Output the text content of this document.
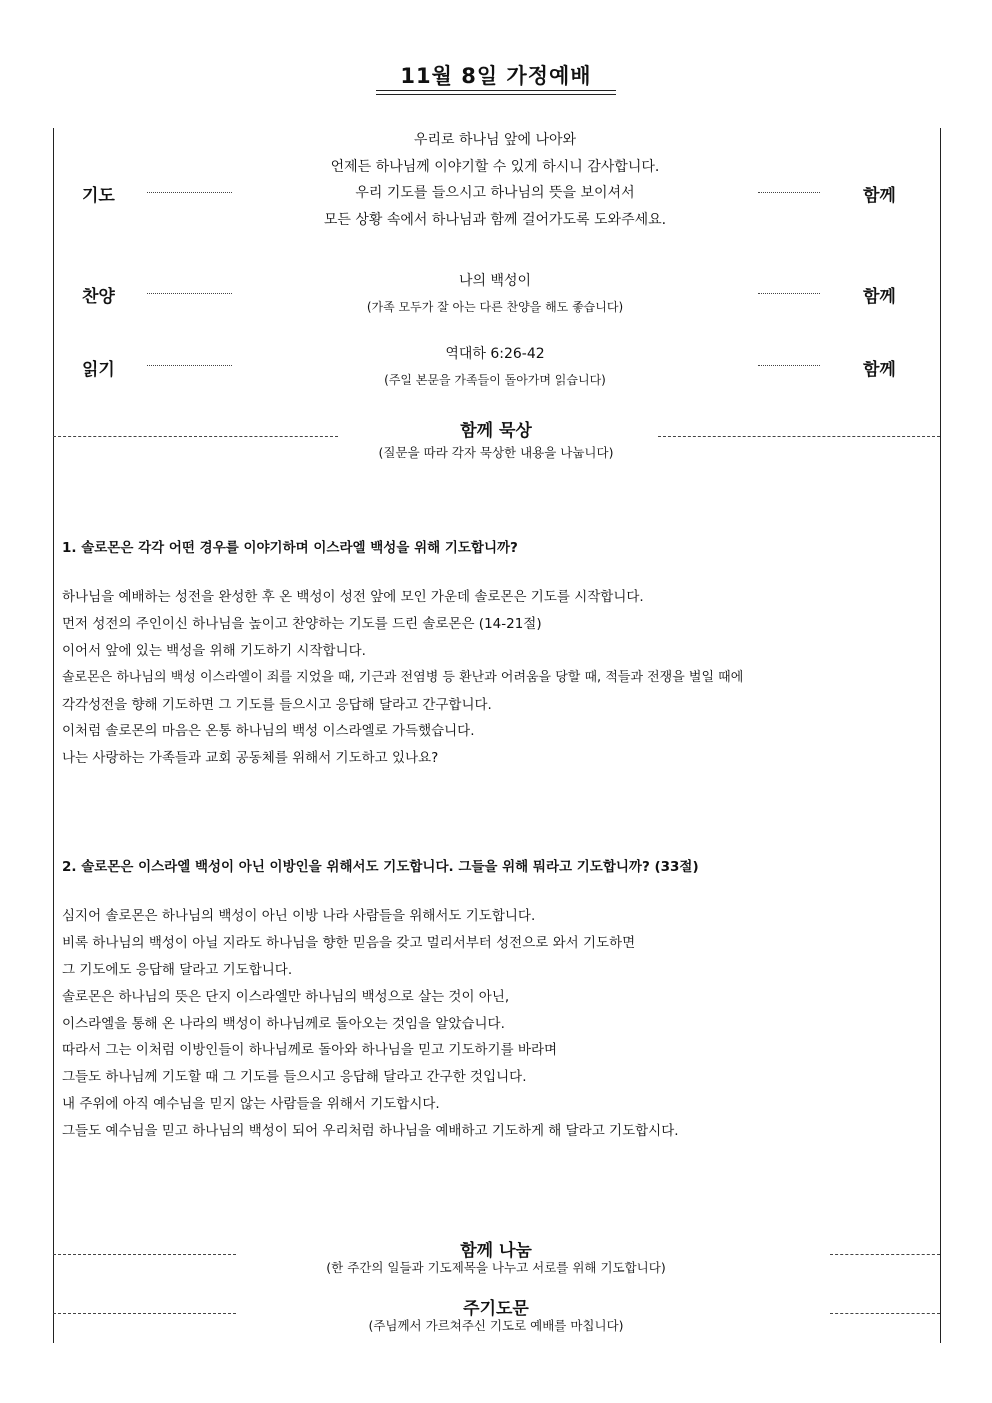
11월 8일 가정예배
기도
우리로 하나님 앞에 나아와
언제든 하나님께 이야기할 수 있게 하시니 감사합니다.
우리 기도를 들으시고 하나님의 뜻을 보이셔서
모든 상황 속에서 하나님과 함께 걸어가도록 도와주세요.
함께
찬양
나의 백성이
(가족 모두가 잘 아는 다른 찬양을 해도 좋습니다)	함께
읽기
역대하 6:26-42
(주일 본문을 가족들이 돌아가며 읽습니다)	함께
함께 묵상
(질문을 따라 각자 묵상한 내용을 나눕니다)
1. 솔로몬은 각각 어떤 경우를 이야기하며 이스라엘 백성을 위해 기도합니까?
하나님을 예배하는 성전을 완성한 후 온 백성이 성전 앞에 모인 가운데 솔로몬은 기도를 시작합니다.
먼저 성전의 주인이신 하나님을 높이고 찬양하는 기도를 드린 솔로몬은 (14-21절)
이어서 앞에 있는 백성을 위해 기도하기 시작합니다.
솔로몬은 하나님의 백성 이스라엘이 죄를 지었을 때, 기근과 전염병 등 환난과 어려움을 당할 때, 적들과 전쟁을 벌일 때에
각각성전을 향해 기도하면 그 기도를 들으시고 응답해 달라고 간구합니다.
이처럼 솔로몬의 마음은 온통 하나님의 백성 이스라엘로 가득했습니다.
나는 사랑하는 가족들과 교회 공동체를 위해서 기도하고 있나요?
2. 솔로몬은 이스라엘 백성이 아닌 이방인을 위해서도 기도합니다. 그들을 위해 뭐라고 기도합니까? (33절)
심지어 솔로몬은 하나님의 백성이 아닌 이방 나라 사람들을 위해서도 기도합니다.
비록 하나님의 백성이 아닐 지라도 하나님을 향한 믿음을 갖고 멀리서부터 성전으로 와서 기도하면
그 기도에도 응답해 달라고 기도합니다.
솔로몬은 하나님의 뜻은 단지 이스라엘만 하나님의 백성으로 살는 것이 아닌,
이스라엘을 통해 온 나라의 백성이 하나님께로 돌아오는 것임을 알았습니다.
따라서 그는 이처럼 이방인들이 하나님께로 돌아와 하나님을 믿고 기도하기를 바라며
그들도 하나님께 기도할 때 그 기도를 들으시고 응답해 달라고 간구한 것입니다.
내 주위에 아직 예수님을 믿지 않는 사람들을 위해서 기도합시다.
그들도 예수님을 믿고 하나님의 백성이 되어 우리처럼 하나님을 예배하고 기도하게 해 달라고 기도합시다.
함께 나눔
(한 주간의 일들과 기도제목을 나누고 서로를 위해 기도합니다)
주기도문
(주님께서 가르쳐주신 기도로 예배를 마칩니다)
